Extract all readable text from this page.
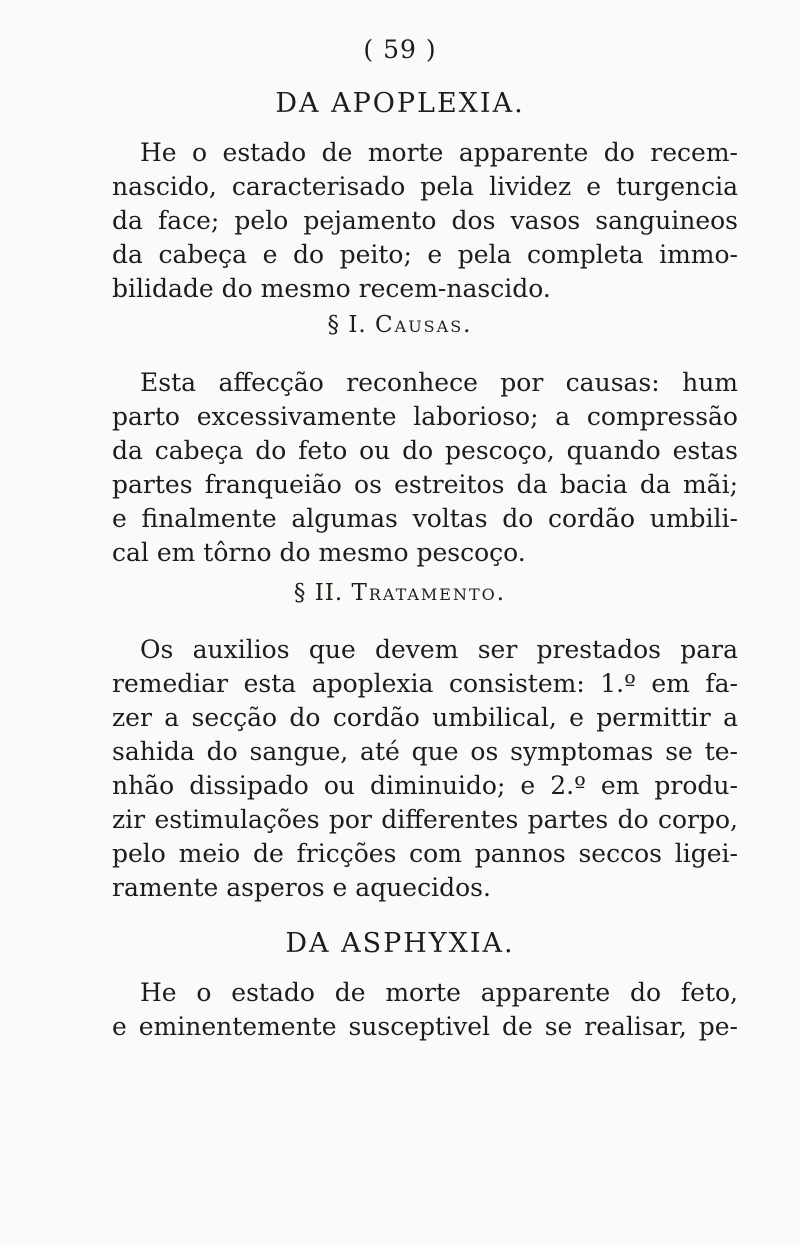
( 59 )
DA APOPLEXIA.
He o estado de morte apparente do recem-
nascido, caracterisado pela lividez e turgencia
da face; pelo pejamento dos vasos sanguineos
da cabeça e do peito; e pela completa immo-
bilidade do mesmo recem-nascido.
§ I. Causas.
Esta affecção reconhece por causas: hum
parto excessivamente laborioso; a compressão
da cabeça do feto ou do pescoço, quando estas
partes franqueião os estreitos da bacia da mãi;
e finalmente algumas voltas do cordão umbili-
cal em tôrno do mesmo pescoço.
§ II. Tratamento.
Os auxilios que devem ser prestados para
remediar esta apoplexia consistem: 1.º em fa-
zer a secção do cordão umbilical, e permittir a
sahida do sangue, até que os symptomas se te-
nhão dissipado ou diminuido; e 2.º em produ-
zir estimulações por differentes partes do corpo,
pelo meio de fricções com pannos seccos ligei-
ramente asperos e aquecidos.
DA ASPHYXIA.
He o estado de morte apparente do feto,
e eminentemente susceptivel de se realisar, pe-
